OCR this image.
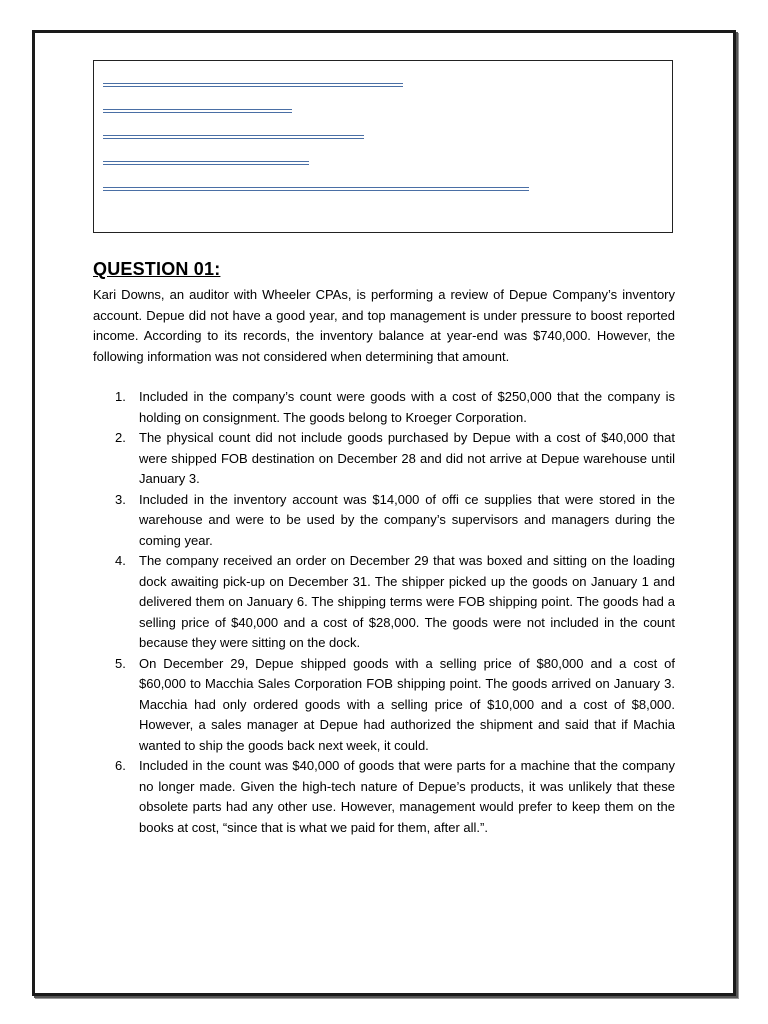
QUESTION 01:
Kari Downs, an auditor with Wheeler CPAs, is performing a review of Depue Company’s inventory account. Depue did not have a good year, and top management is under pressure to boost reported income. According to its records, the inventory balance at year-end was $740,000. However, the following information was not considered when determining that amount.
1.	Included in the company’s count were goods with a cost of $250,000 that the company is holding on consignment. The goods belong to Kroeger Corporation.
2.	The physical count did not include goods purchased by Depue with a cost of $40,000 that were shipped FOB destination on December 28 and did not arrive at Depue warehouse until January 3.
3.	Included in the inventory account was $14,000 of offi ce supplies that were stored in the warehouse and were to be used by the company’s supervisors and managers during the coming year.
4.	The company received an order on December 29 that was boxed and sitting on the loading dock awaiting pick-up on December 31. The shipper picked up the goods on January 1 and delivered them on January 6. The shipping terms were FOB shipping point. The goods had a selling price of $40,000 and a cost of $28,000. The goods were not included in the count because they were sitting on the dock.
5.	On December 29, Depue shipped goods with a selling price of $80,000 and a cost of $60,000 to Macchia Sales Corporation FOB shipping point. The goods arrived on January 3. Macchia had only ordered goods with a selling price of $10,000 and a cost of $8,000. However, a sales manager at Depue had authorized the shipment and said that if Machia wanted to ship the goods back next week, it could.
6.	Included in the count was $40,000 of goods that were parts for a machine that the company no longer made. Given the high-tech nature of Depue’s products, it was unlikely that these obsolete parts had any other use. However, management would prefer to keep them on the books at cost, “since that is what we paid for them, after all.”.
